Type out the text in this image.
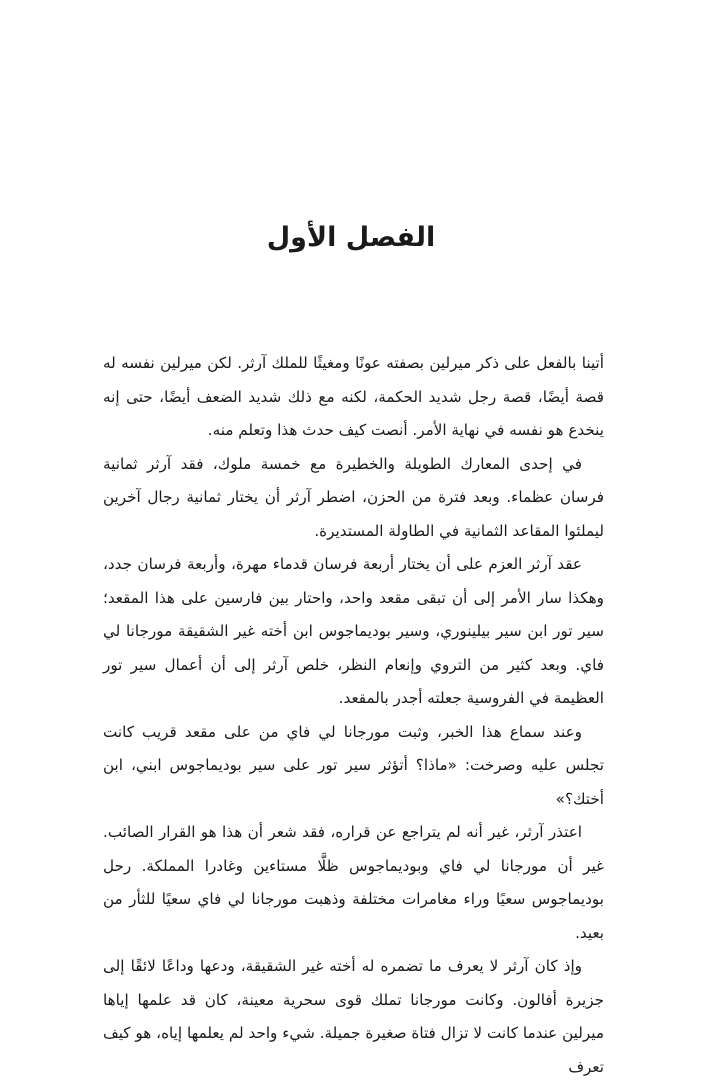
الفصل الأول

أتينا بالفعل على ذكر ميرلين بصفته عونًا ومغيثًا للملك آرثر. لكن ميرلين نفسه له قصة أيضًا، قصة رجل شديد الحكمة، لكنه مع ذلك شديد الضعف أيضًا، حتى إنه ينخدع هو نفسه في نهاية الأمر. أنصت كيف حدث هذا وتعلم منه.

في إحدى المعارك الطويلة والخطيرة مع خمسة ملوك، فقد آرثر ثمانية فرسان عظماء. وبعد فترة من الحزن، اضطر آرثر أن يختار ثمانية رجال آخرين ليملئوا المقاعد الثمانية في الطاولة المستديرة.

عقد آرثر العزم على أن يختار أربعة فرسان قدماء مهرة، وأربعة فرسان جدد، وهكذا سار الأمر إلى أن تبقى مقعد واحد، واحتار بين فارسين على هذا المقعد؛ سير تور ابن سير بيلينوري، وسير بوديماجوس ابن أخته غير الشقيقة مورجانا لي فاي. وبعد كثير من التروي وإنعام النظر، خلص آرثر إلى أن أعمال سير تور العظيمة في الفروسية جعلته أجدر بالمقعد.

وعند سماع هذا الخبر، وثبت مورجانا لي فاي من على مقعد قريب كانت تجلس عليه وصرخت: «ماذا؟ أتؤثر سير تور على سير بوديماجوس ابني، ابن أختك؟»

اعتذر آرثر، غير أنه لم يتراجع عن قراره، فقد شعر أن هذا هو القرار الصائب. غير أن مورجانا لي فاي وبوديماجوس ظلَّا مستاءين وغادرا المملكة. رحل بوديماجوس سعيًا وراء مغامرات مختلفة وذهبت مورجانا لي فاي سعيًا للثأر من بعيد.

وإذ كان آرثر لا يعرف ما تضمره له أخته غير الشقيقة، ودعها وداعًا لائقًا إلى جزيرة أفالون. وكانت مورجانا تملك قوى سحرية معينة، كان قد علمها إياها ميرلين عندما كانت لا تزال فتاة صغيرة جميلة. شيء واحد لم يعلمها إياه، هو كيف تعرف
